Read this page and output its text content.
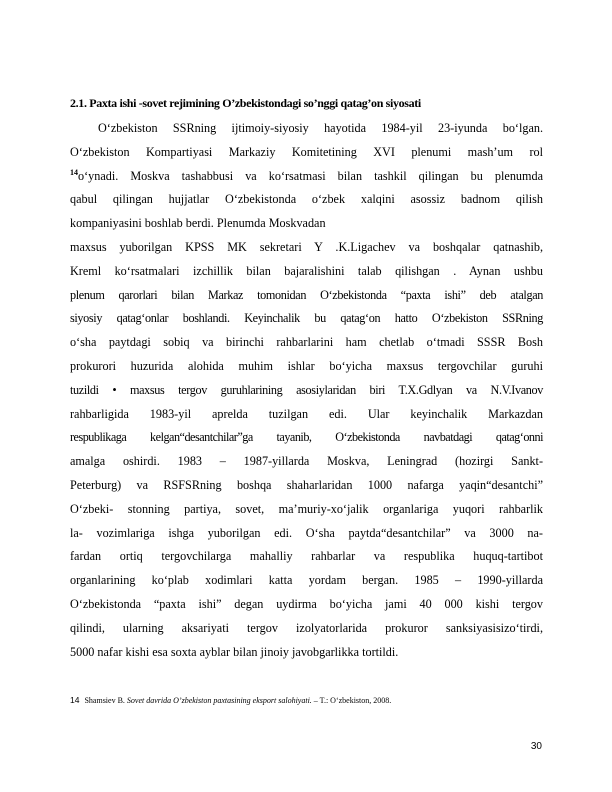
2.1. Paxta ishi -sovet rejimining O’zbekistondagi so’nggi qatag’on siyosati
O‘zbekiston SSRning ijtimoiy-siyosiy hayotida 1984-yil 23-iyunda bo‘lgan.
O‘zbekiston Kompartiyasi Markaziy Komitetining XVI plenumi mash’um rol
$^{14}$o‘ynadi. Moskva tashabbusi va ko‘rsatmasi bilan tashkil qilingan bu plenumda
qabul qilingan hujjatlar O‘zbekistonda o‘zbek xalqini asossiz badnom qilish
kompaniyasini boshlab berdi. Plenumda Moskvadan
maxsus yuborilgan KPSS MK sekretari Y .K.Ligachev va boshqalar qatnashib,
Kreml ko‘rsatmalari izchillik bilan bajaralishini talab qilishgan . Aynan ushbu
plenum qarorlari bilan Markaz tomonidan O‘zbekistonda “paxta ishi” deb atalgan
siyosiy qatag‘onlar boshlandi. Keyinchalik bu qatag‘on hatto O‘zbekiston SSRning
o‘sha paytdagi sobiq va birinchi rahbarlarini ham chetlab o‘tmadi SSSR Bosh
prokurori huzurida alohida muhim ishlar bo‘yicha maxsus tergovchilar guruhi
tuzildi • maxsus tergov guruhlarining asosiylaridan biri T.X.Gdlyan va N.V.Ivanov
rahbarligida 1983-yil aprelda tuzilgan edi. Ular keyinchalik Markazdan
respublikaga kelgan“desantchilar”ga tayanib, O‘zbekistonda navbatdagi qatag‘onni
amalga oshirdi. 1983 – 1987-yillarda Moskva, Leningrad (hozirgi Sankt-
Peterburg) va RSFSRning boshqa shaharlaridan 1000 nafarga yaqin“desantchi”
O‘zbeki- stonning partiya, sovet, ma’muriy-xo‘jalik organlariga yuqori rahbarlik
la- vozimlariga ishga yuborilgan edi. O‘sha paytda“desantchilar” va 3000 na-
fardan ortiq tergovchilarga mahalliy rahbarlar va respublika huquq-tartibot
organlarining ko‘plab xodimlari katta yordam bergan. 1985 – 1990-yillarda
O‘zbekistonda “paxta ishi” degan uydirma bo‘yicha jami 40 000 kishi tergov
qilindi, ularning aksariyati tergov izolyatorlarida prokuror sanksiyasisizo‘tirdi,
5000 nafar kishi esa soxta ayblar bilan jinoiy javobgarlikka tortildi.
14 Shamsiev B. Sovet davrida O’zbekiston paxtasining eksport salohiyati. – T.: O‘zbekiston, 2008.
30
